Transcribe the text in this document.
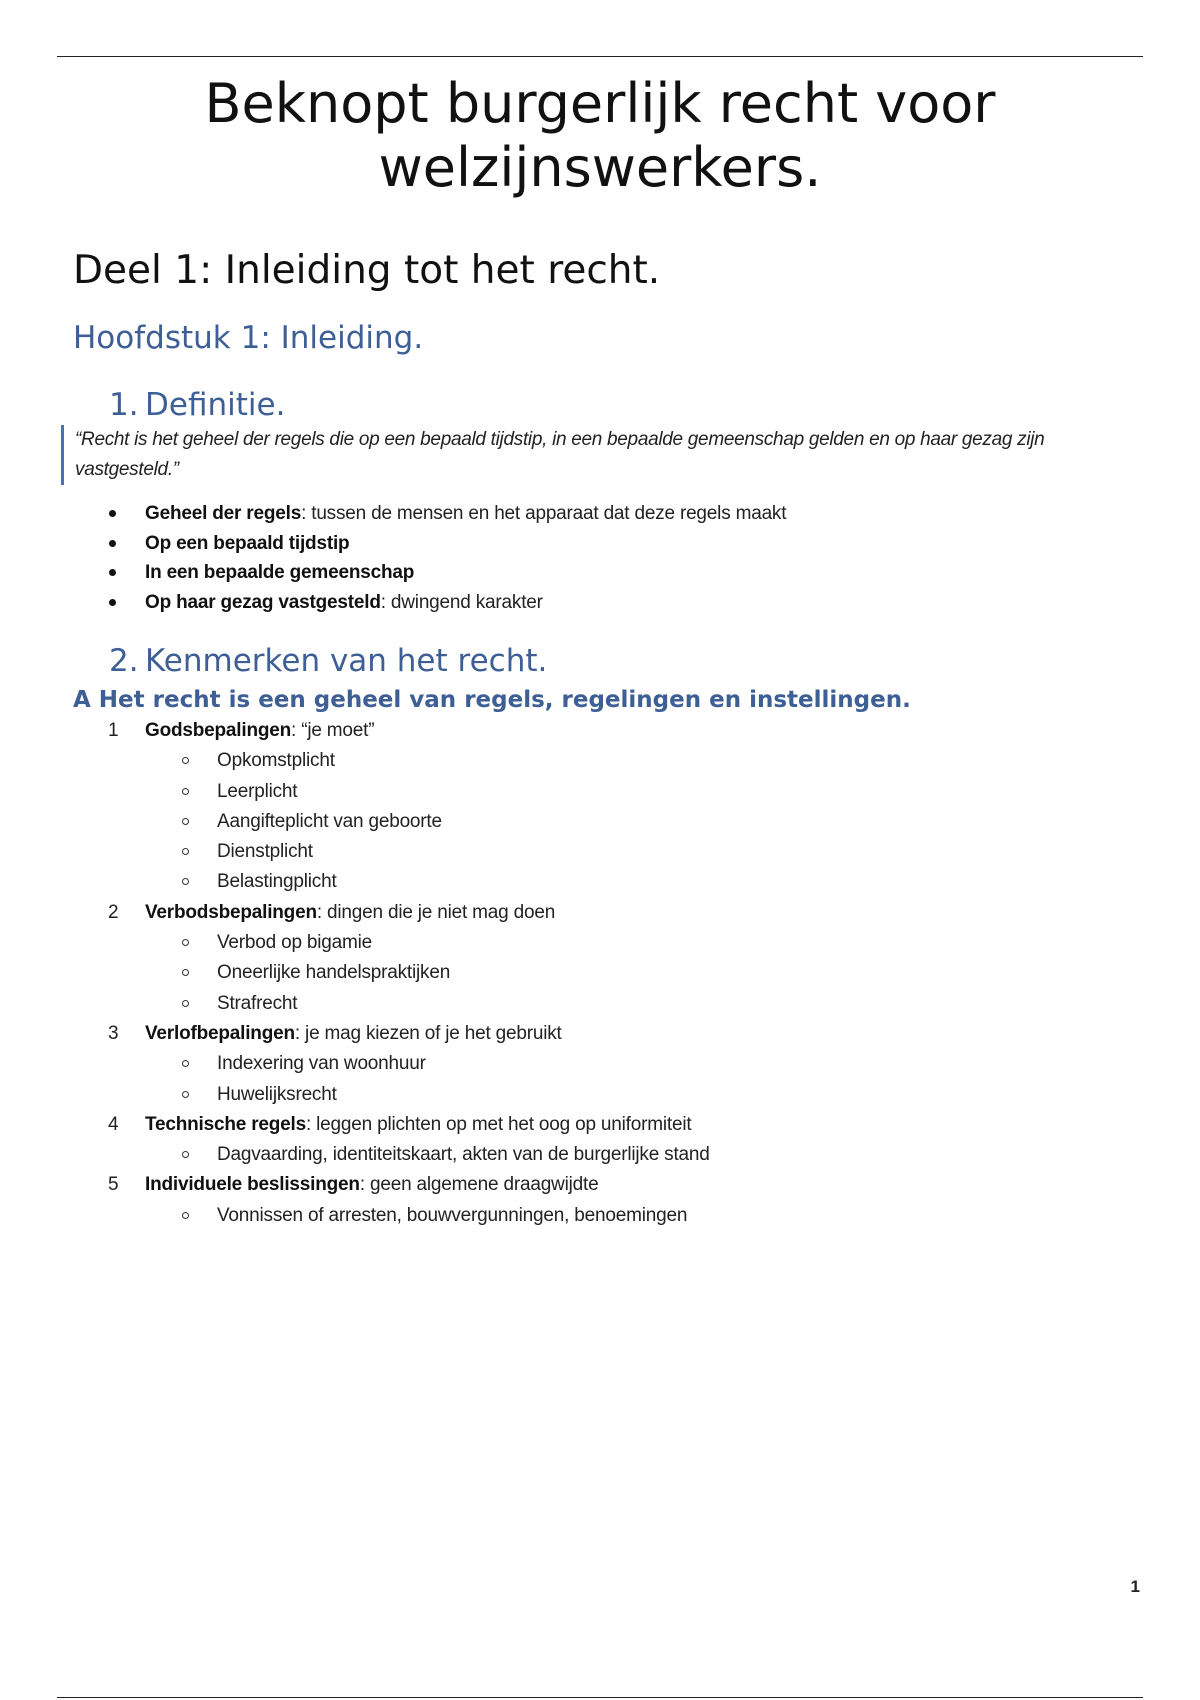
Beknopt burgerlijk recht voor
welzijnswerkers.
Deel 1: Inleiding tot het recht.
Hoofdstuk 1: Inleiding.
1. Definitie.
“Recht is het geheel der regels die op een bepaald tijdstip, in een bepaalde gemeenschap gelden en op haar gezag zijn vastgesteld.”
Geheel der regels: tussen de mensen en het apparaat dat deze regels maakt
Op een bepaald tijdstip
In een bepaalde gemeenschap
Op haar gezag vastgesteld: dwingend karakter
2. Kenmerken van het recht.
A Het recht is een geheel van regels, regelingen en instellingen.
1 Godsbepalingen: “je moet”
Opkomstplicht
Leerplicht
Aangifteplicht van geboorte
Dienstplicht
Belastingplicht
2 Verbodsbepalingen: dingen die je niet mag doen
Verbod op bigamie
Oneerlijke handelspraktijken
Strafrecht
3 Verlofbepalingen: je mag kiezen of je het gebruikt
Indexering van woonhuur
Huwelijksrecht
4 Technische regels: leggen plichten op met het oog op uniformiteit
Dagvaarding, identiteitskaart, akten van de burgerlijke stand
5 Individuele beslissingen: geen algemene draagwijdte
Vonnissen of arresten, bouwvergunningen, benoemingen
1
